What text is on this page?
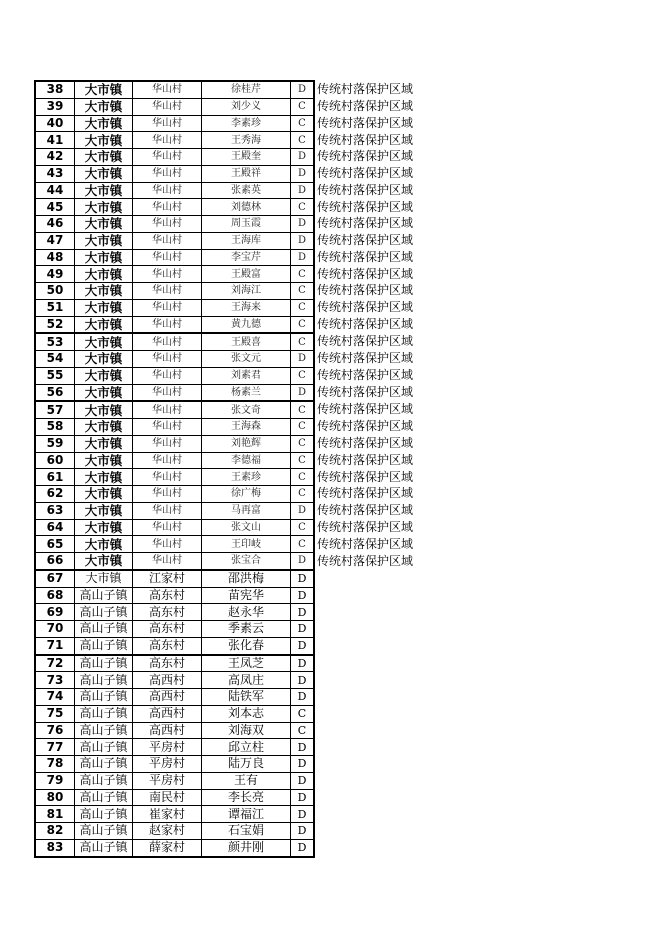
38	大市镇	华山村	徐桂芹	D	传统村落保护区域
39	大市镇	华山村	刘少义	C	传统村落保护区域
40	大市镇	华山村	李素珍	C	传统村落保护区域
41	大市镇	华山村	王秀海	C	传统村落保护区域
42	大市镇	华山村	王殿奎	D	传统村落保护区域
43	大市镇	华山村	王殿祥	D	传统村落保护区域
44	大市镇	华山村	张素英	D	传统村落保护区域
45	大市镇	华山村	刘德林	C	传统村落保护区域
46	大市镇	华山村	周玉霞	D	传统村落保护区域
47	大市镇	华山村	王海库	D	传统村落保护区域
48	大市镇	华山村	李宝芹	D	传统村落保护区域
49	大市镇	华山村	王殿富	C	传统村落保护区域
50	大市镇	华山村	刘海江	C	传统村落保护区域
51	大市镇	华山村	王海来	C	传统村落保护区域
52	大市镇	华山村	黄九德	C	传统村落保护区域
53	大市镇	华山村	王殿喜	C	传统村落保护区域
54	大市镇	华山村	张文元	D	传统村落保护区域
55	大市镇	华山村	刘素君	C	传统村落保护区域
56	大市镇	华山村	杨素兰	D	传统村落保护区域
57	大市镇	华山村	张文奇	C	传统村落保护区域
58	大市镇	华山村	王海森	C	传统村落保护区域
59	大市镇	华山村	刘艳辉	C	传统村落保护区域
60	大市镇	华山村	李德福	C	传统村落保护区域
61	大市镇	华山村	王素珍	C	传统村落保护区域
62	大市镇	华山村	徐广梅	C	传统村落保护区域
63	大市镇	华山村	马再富	D	传统村落保护区域
64	大市镇	华山村	张文山	C	传统村落保护区域
65	大市镇	华山村	王印岐	C	传统村落保护区域
66	大市镇	华山村	张宝合	D	传统村落保护区域
67	大市镇	江家村	邵洪梅	D	
68	高山子镇	高东村	苗宪华	D	
69	高山子镇	高东村	赵永华	D	
70	高山子镇	高东村	季素云	D	
71	高山子镇	高东村	张化春	D	
72	高山子镇	高东村	王凤芝	D	
73	高山子镇	高西村	高凤庄	D	
74	高山子镇	高西村	陆铁军	D	
75	高山子镇	高西村	刘本志	C	
76	高山子镇	高西村	刘海双	C	
77	高山子镇	平房村	邱立柱	D	
78	高山子镇	平房村	陆万良	D	
79	高山子镇	平房村	王有	D	
80	高山子镇	南民村	李长亮	D	
81	高山子镇	崔家村	谭福江	D	
82	高山子镇	赵家村	石宝娟	D	
83	高山子镇	薛家村	颜井刚	D	
